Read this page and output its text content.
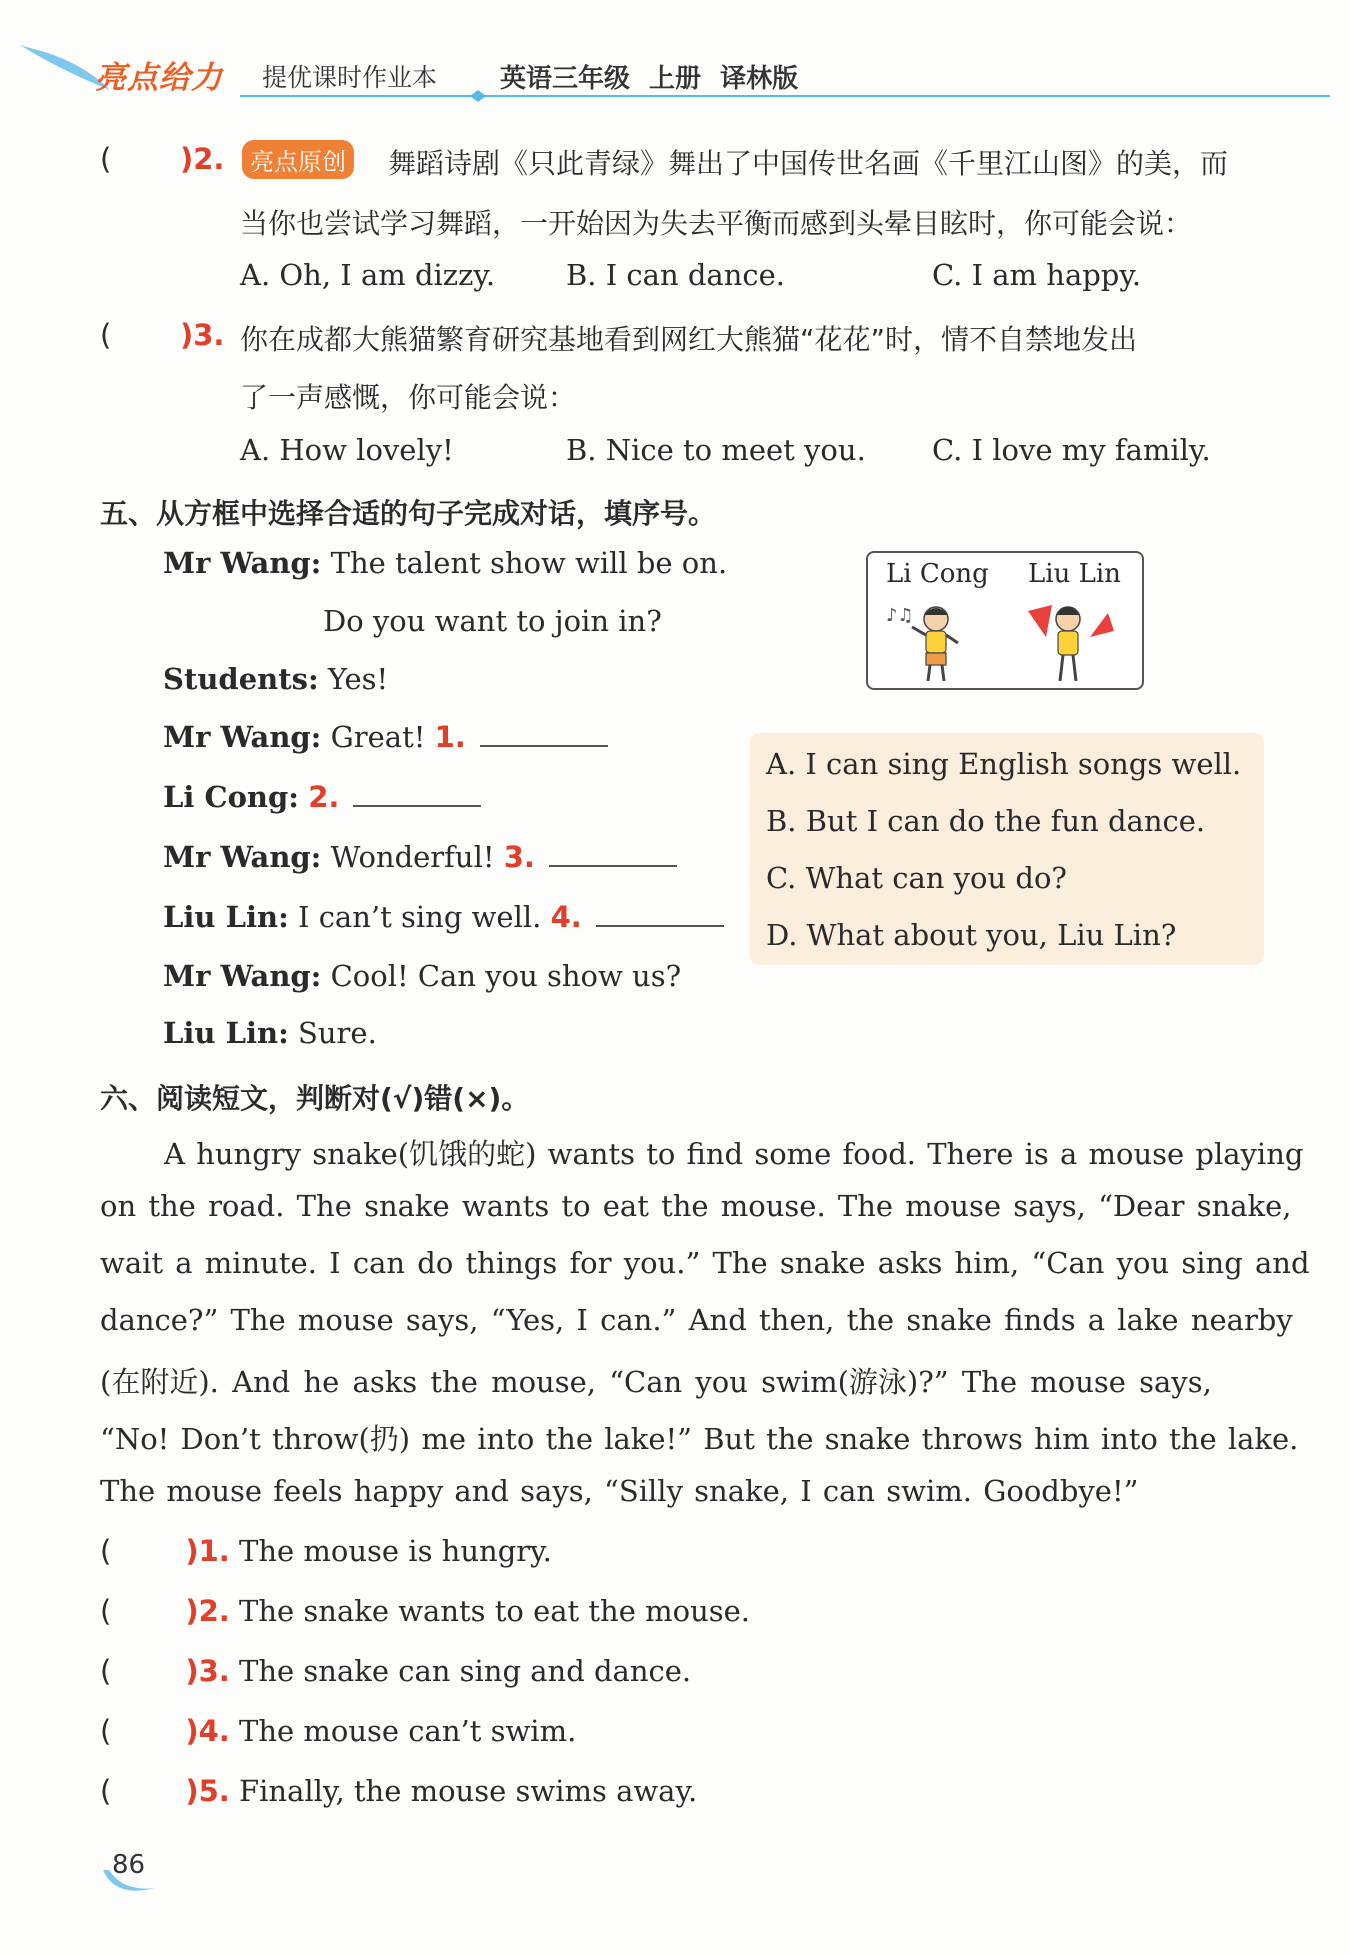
亮点给力 提优课时作业本 英语三年级 上册 译林版
( )2.	亮点原创 舞蹈诗剧《只此青绿》舞出了中国传世名画《千里江山图》的美，而
当你也尝试学习舞蹈，一开始因为失去平衡而感到头晕目眩时，你可能会说：
A. Oh, I am dizzy. B. I can dance.	C. I am happy.
( )3. 你在成都大熊猫繁育研究基地看到网红大熊猫“花花”时，情不自禁地发出
了一声感慨，你可能会说：
A. How lovely!	B. Nice to meet you. C. I love my family.
五、从方框中选择合适的句子完成对话，填序号。
Mr Wang: The talent show will be on.
Do you want to join in?
Students: Yes!
Mr Wang: Great! 1.
Li Cong: 2.
Mr Wang: Wonderful! 3.
Liu Lin: I can’t sing well. 4.
Mr Wang: Cool! Can you show us?
Liu Lin: Sure.
Li Cong Liu Lin
♪♫
A. I can sing English songs well.
B. But I can do the fun dance.
C. What can you do?
D. What about you, Liu Lin?
六、阅读短文，判断对(√)错(×)。
A hungry snake(饥饿的蛇) wants to find some food. There is a mouse playing
on the road. The snake wants to eat the mouse. The mouse says, “Dear snake,
wait a minute. I can do things for you.” The snake asks him, “Can you sing and
dance?” The mouse says, “Yes, I can.” And then, the snake finds a lake nearby
(在附近). And he asks the mouse, “Can you swim(游泳)?” The mouse says,
“No! Don’t throw(扔) me into the lake!” But the snake throws him into the lake.
The mouse feels happy and says, “Silly snake, I can swim. Goodbye!”
(	)1. The mouse is hungry.
(	)2. The snake wants to eat the mouse.
(	)3. The snake can sing and dance.
(	)4. The mouse can’t swim.
(	)5. Finally, the mouse swims away.
86
